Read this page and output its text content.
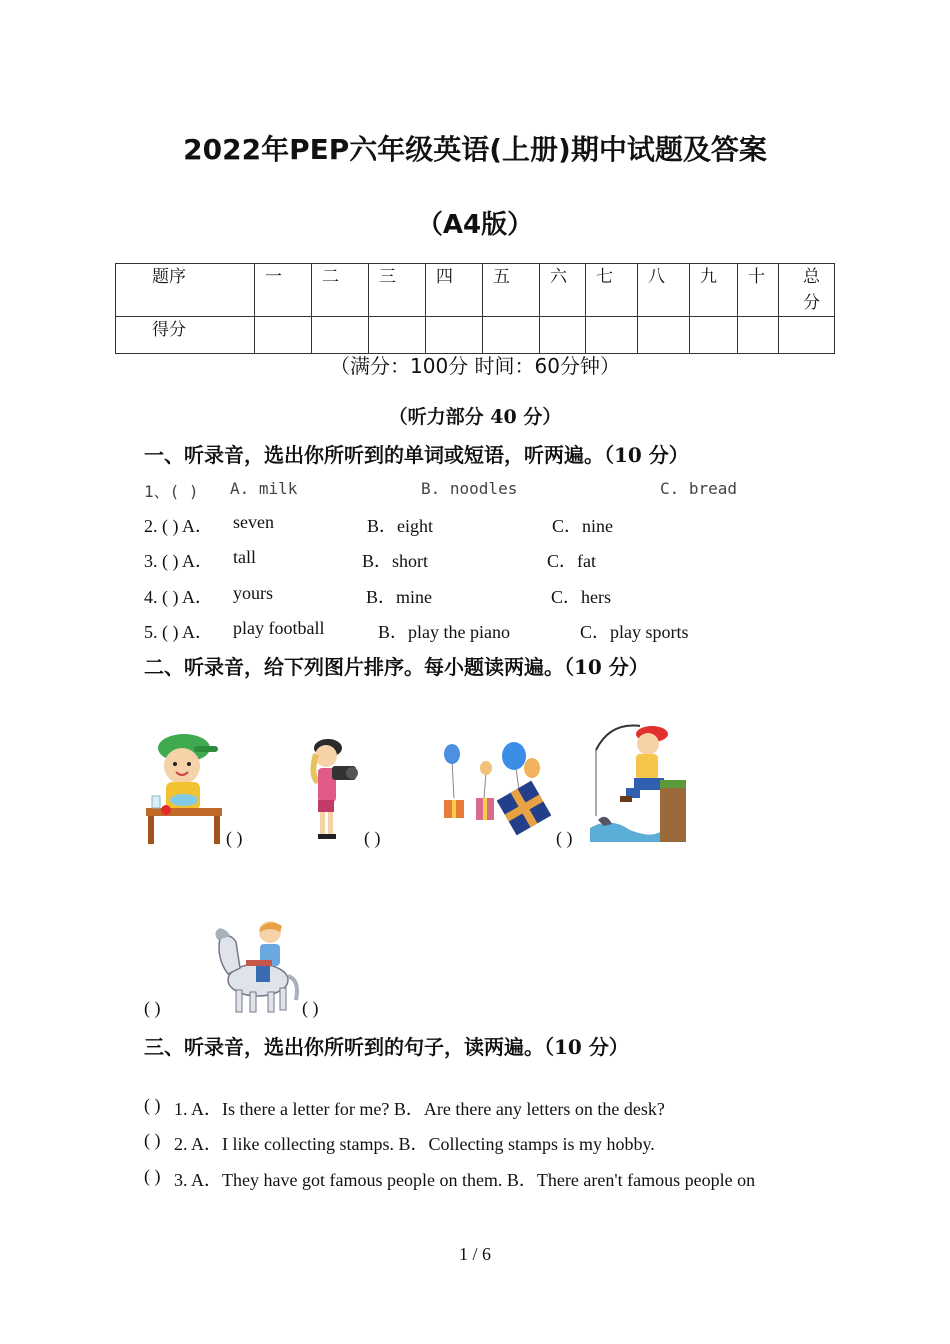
2022年PEP六年级英语(上册)期中试题及答案
（A4版）
题序	一	二	三	四	五	六	七	八	九	十	总分
得分											
（满分：100分 时间：60分钟）
（听力部分 40 分）
一、听录音，选出你所听到的单词或短语，听两遍。（10 分）
1、( ) A. milk	B. noodles	C. bread
2. ( ) A． seven	B．eight	C．nine
3. ( ) A． tall	B．short	C．fat
4. ( ) A． yours	B．mine	C．hers
5. ( ) A． play football	B．play the piano	C．play sports
二、听录音，给下列图片排序。每小题读两遍。（10 分）
( )	( )	( )
( )	( )
三、听录音，选出你所听到的句子，读两遍。（10 分）
( ) 1. A．Is there a letter for me? B．Are there any letters on the desk?
( ) 2. A．I like collecting stamps. B．Collecting stamps is my hobby.
( ) 3. A．They have got famous people on them. B．There aren't famous people on
1 / 6
